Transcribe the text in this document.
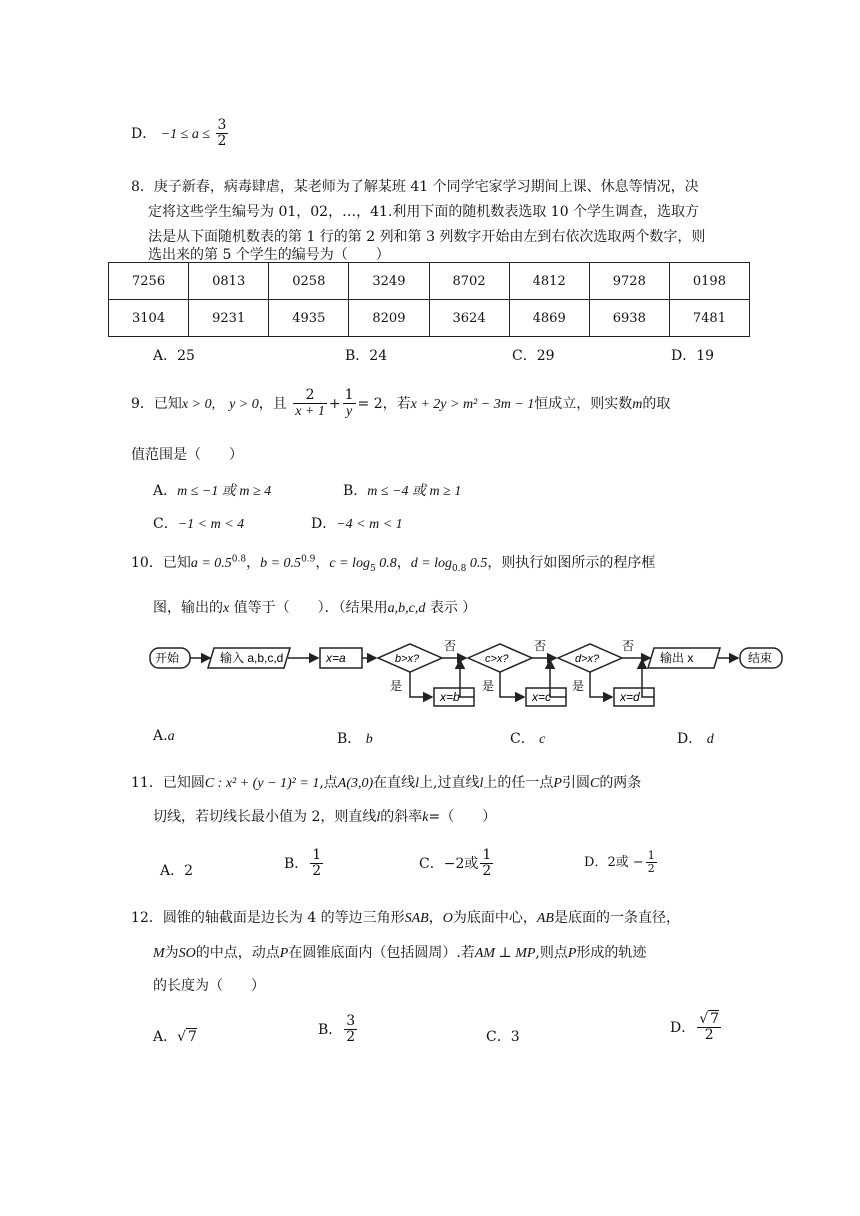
D． $-1 \le a \le \frac{3}{2}$
8．庚子新春，病毒肆虐，某老师为了解某班 41 个同学宅家学习期间上课、休息等情况，决
定将这些学生编号为 01，02，…，41.利用下面的随机数表选取 10 个学生调查，选取方
法是从下面随机数表的第 1 行的第 2 列和第 3 列数字开始由左到右依次选取两个数字，则
选出来的第 5 个学生的编号为（　　）
7256	0813	0258	3249	8702	4812	9728	0198
3104	9231	4935	8209	3624	4869	6938	7481
A．25	B．24	C．29	D．19
9．已知x > 0,　y > 0，且 $\frac{2}{x + 1} + \frac{1}{y} = 2$，若x + 2y > m² − 3m − 1恒成立，则实数m的取
值范围是（　　）
A．m ≤ −1 或 m ≥ 4	B．m ≤ −4 或 m ≥ 1
C．−1 < m < 4	D．−4 < m < 1
10．已知$a = 0.5^{0.8}$，$b = 0.5^{0.9}$，$c = \log_5 0.8$，$d = \log_{0.8} 0.5$，则执行如图所示的程序框
图，输出的x 值等于（　　）．（结果用a,b,c,d 表示 ）
开始	输入 a,b,c,d	x=a	b>x?	c>x?	d>x?
否	否	否
是	是	是
x=b	x=c	x=d
输出 x	结束
A.a	B． b	C． c	D． d
11．已知圆C : x² + (y − 1)² = 1,点A(3,0)在直线l上,过直线l上的任一点P引圆C的两条
切线，若切线长最小值为 2，则直线l的斜率k=（　　）
A．2	B． $\frac{1}{2}$	C．−2或 $\frac{1}{2}$	D．2或 − $\frac{1}{2}$
12．圆锥的轴截面是边长为 4 的等边三角形SAB，O为底面中心，AB是底面的一条直径，
M为SO的中点，动点P在圆锥底面内（包括圆周）.若AM ⊥ MP,则点P形成的轨迹
的长度为（　　）
A．√ 7	B． $\frac{3}{2}$	C．3
D． $\frac{√ 7}{2}$
